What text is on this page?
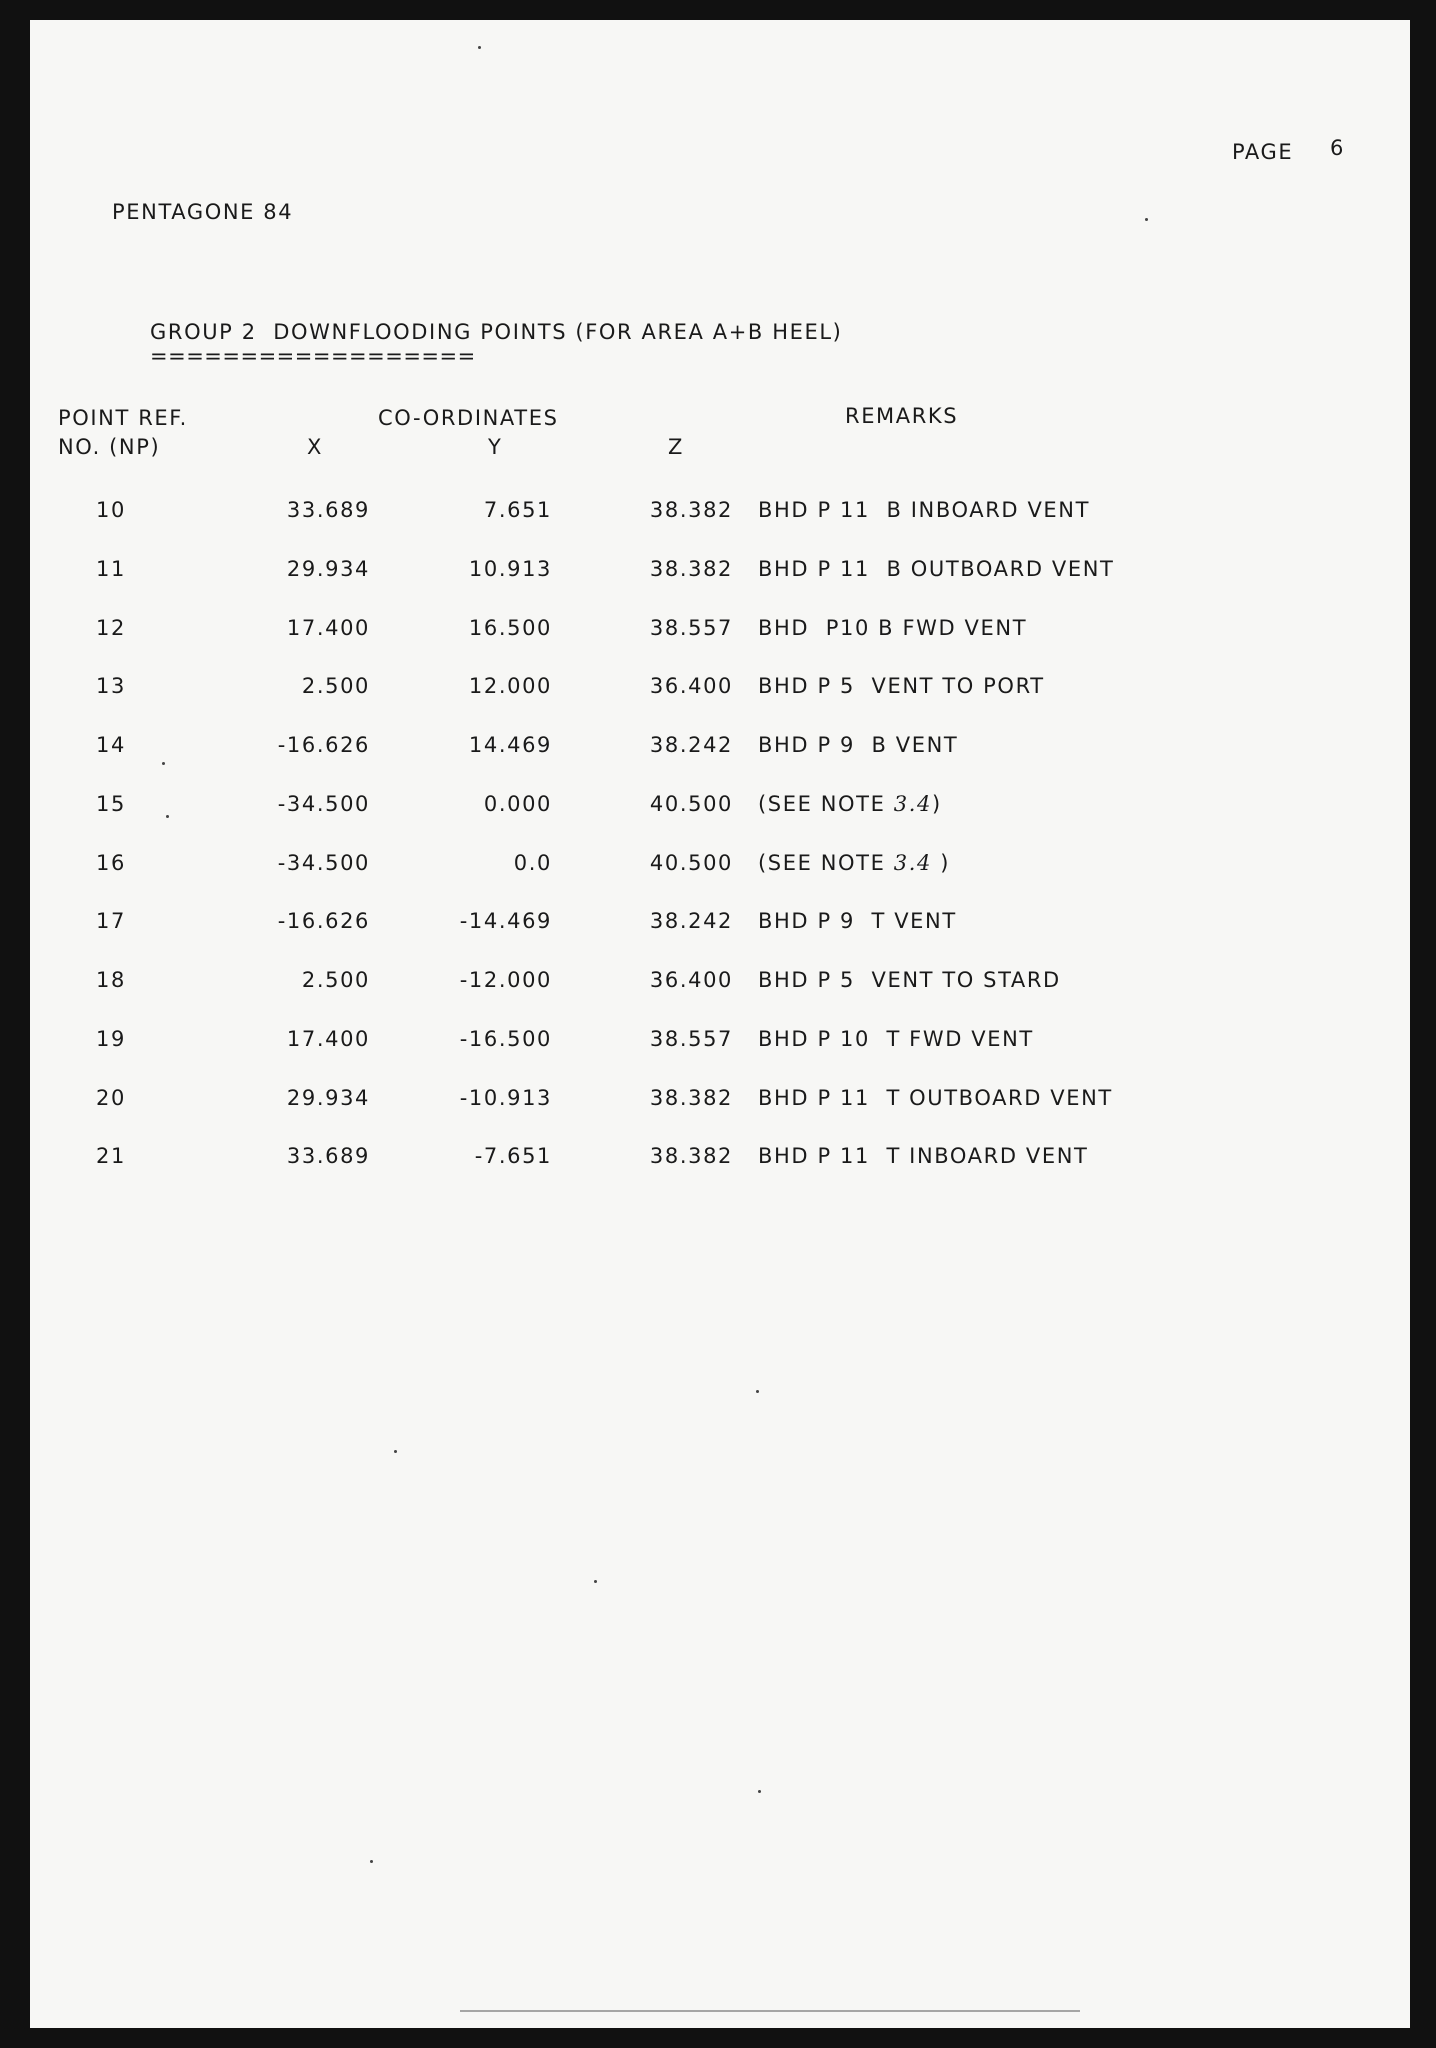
PAGE 6
PENTAGONE 84
GROUP 2  DOWNFLOODING POINTS (FOR AREA A+B HEEL)
==================
POINT REF.
NO. (NP)
CO-ORDINATES	REMARKS
X	Y	Z
10	33.689	7.651	38.382 BHD P 11  B INBOARD VENT
11	29.934	10.913	38.382 BHD P 11  B OUTBOARD VENT
12	17.400	16.500	38.557 BHD  P10 B FWD VENT
13	2.500	12.000	36.400 BHD P 5  VENT TO PORT
14	-16.626	14.469	38.242 BHD P 9  B VENT
15	-34.500	0.000	40.500 (SEE NOTE 3.4)
16	-34.500	0.0	40.500 (SEE NOTE 3.4 )
17	-16.626	-14.469	38.242 BHD P 9  T VENT
18	2.500	-12.000	36.400 BHD P 5  VENT TO STARD
19	17.400	-16.500	38.557 BHD P 10  T FWD VENT
20	29.934	-10.913	38.382 BHD P 11  T OUTBOARD VENT
21	33.689	-7.651	38.382 BHD P 11  T INBOARD VENT
